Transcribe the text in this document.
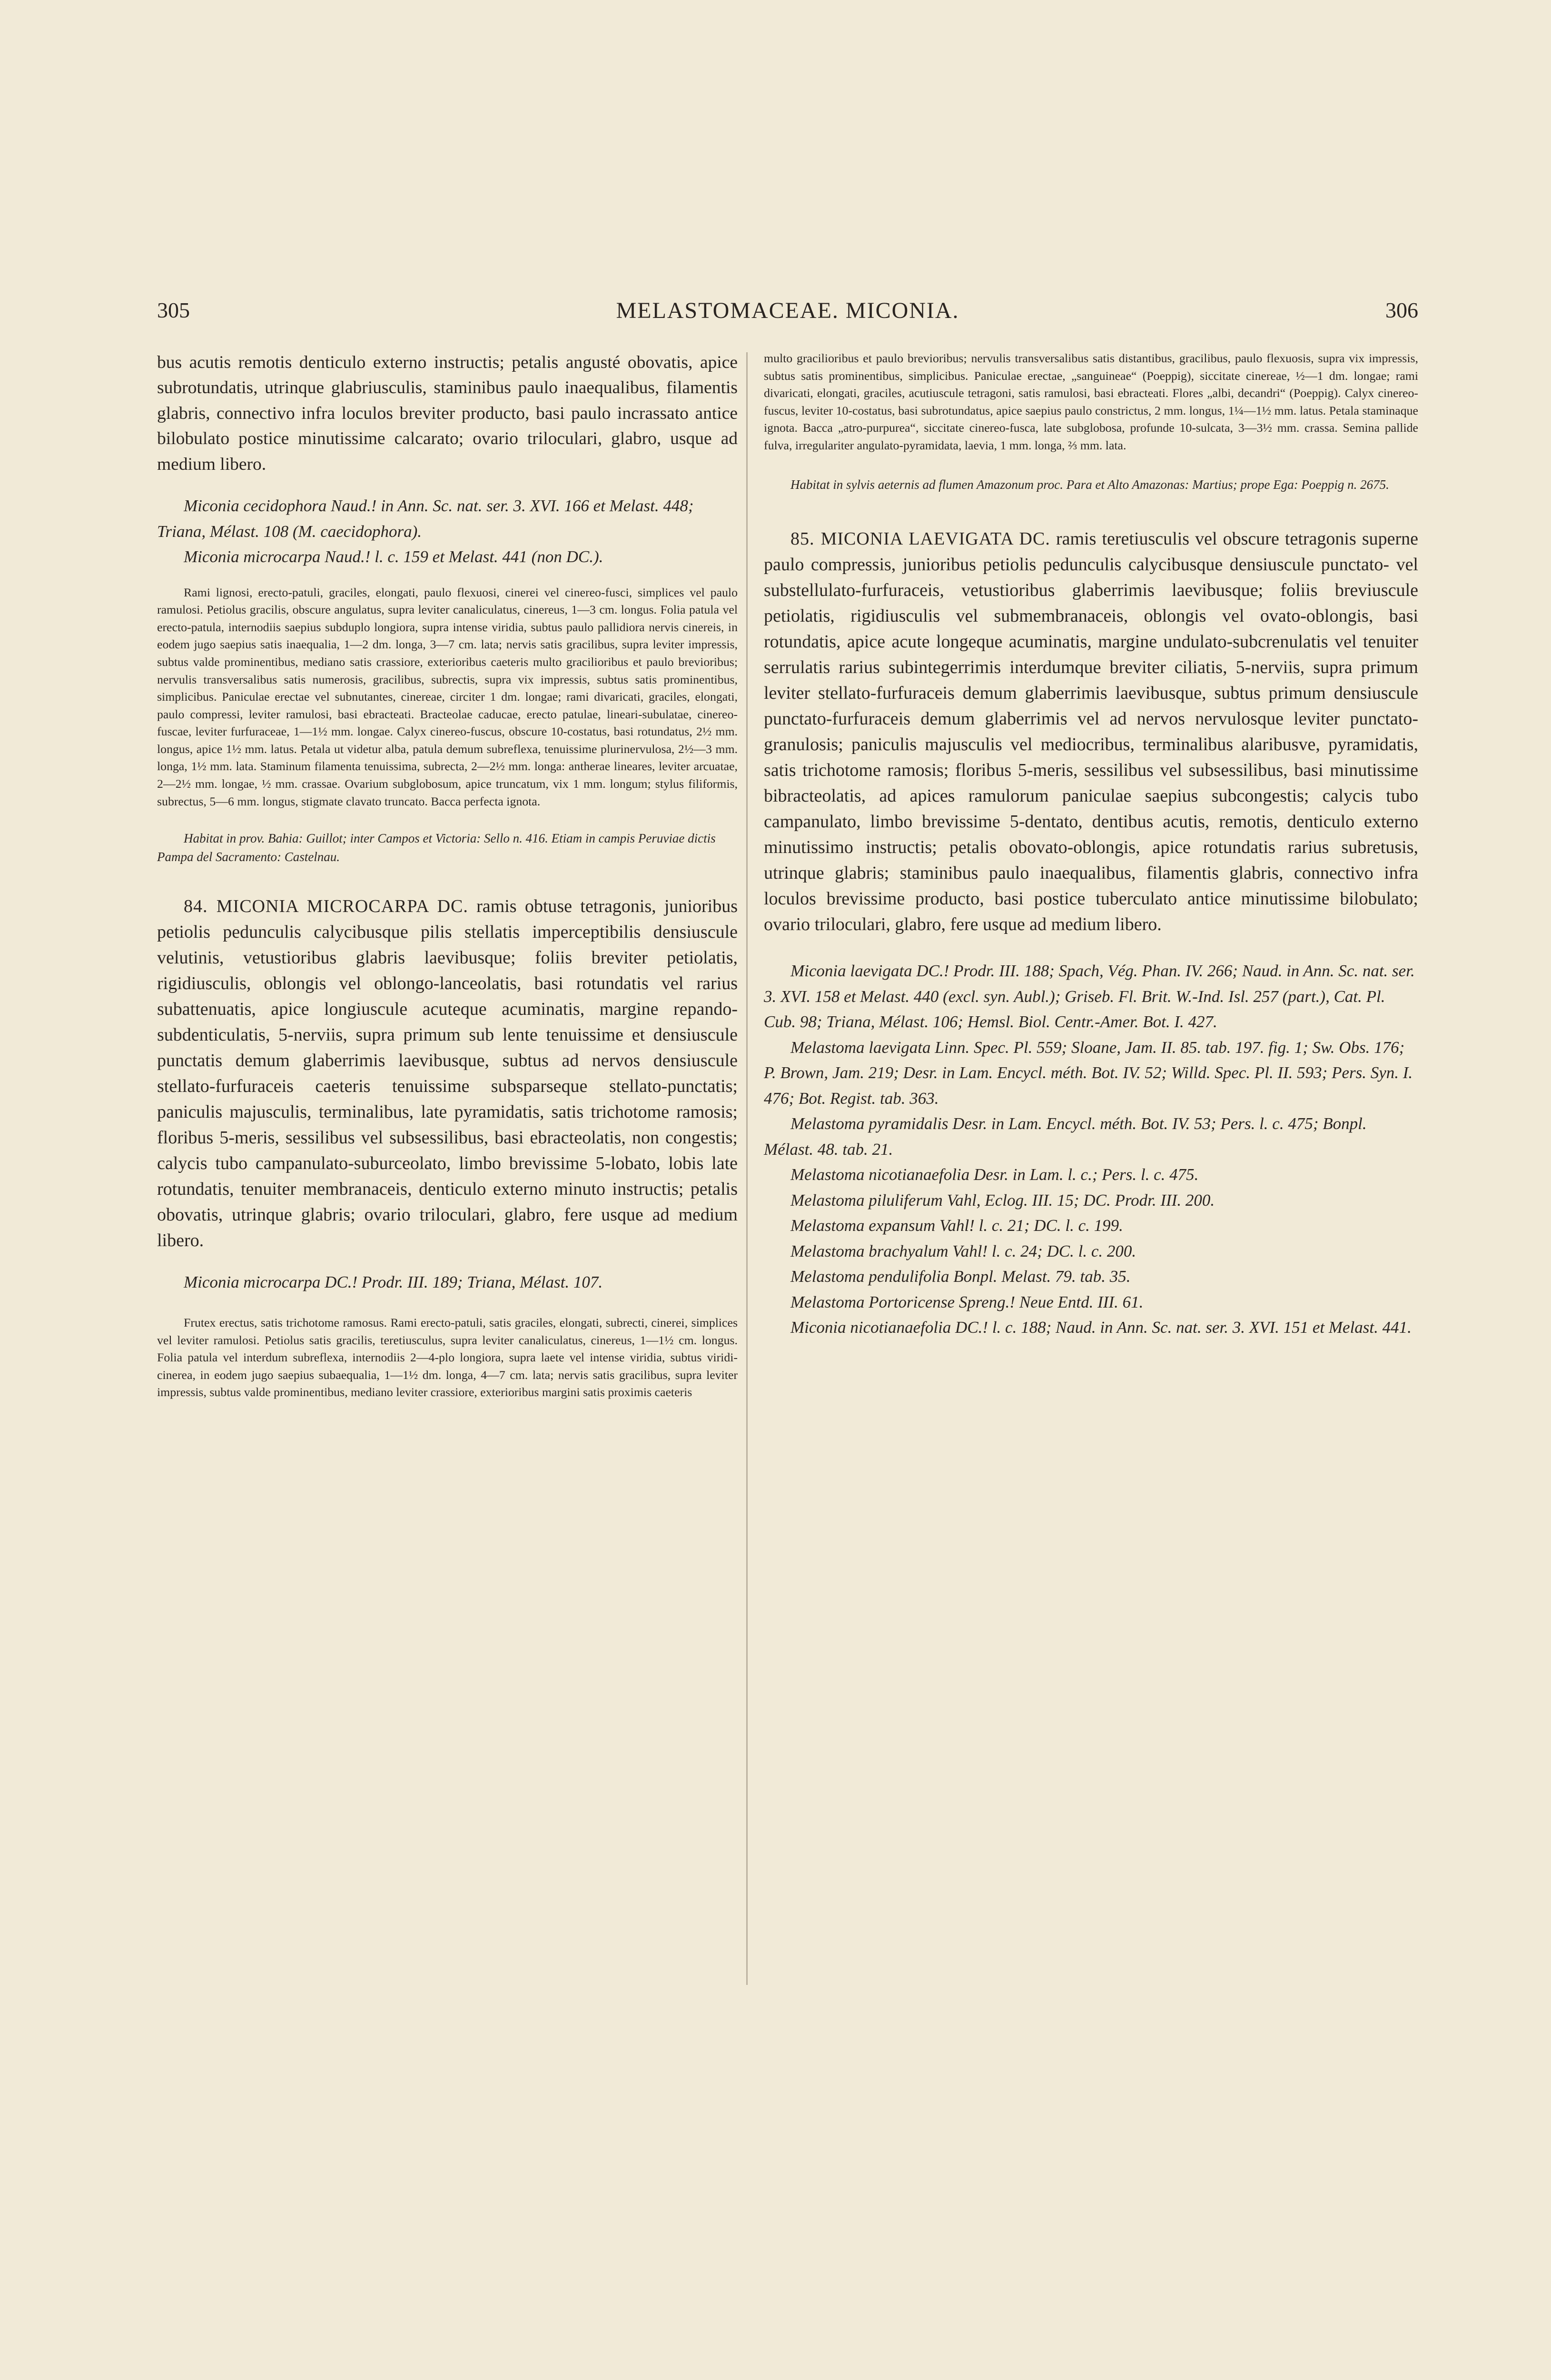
305	MELASTOMACEAE. MICONIA.	306

bus acutis remotis denticulo externo instructis; petalis angusté obovatis, apice subrotundatis, utrinque glabriusculis, staminibus paulo inaequalibus, filamentis glabris, connectivo infra loculos breviter producto, basi paulo incrassato antice bilobulato postice minutissime calcarato; ovario triloculari, glabro, usque ad medium libero.

Miconia cecidophora Naud.! in Ann. Sc. nat. ser. 3. XVI. 166 et Melast. 448; Triana, Mélast. 108 (M. caecidophora).

Miconia microcarpa Naud.! l. c. 159 et Melast. 441 (non DC.).

Rami lignosi, erecto-patuli, graciles, elongati, paulo flexuosi, cinerei vel cinereo-fusci, simplices vel paulo ramulosi. Petiolus gracilis, obscure angulatus, supra leviter canaliculatus, cinereus, 1—3 cm. longus. Folia patula vel erecto-patula, internodiis saepius subduplo longiora, supra intense viridia, subtus paulo pallidiora nervis cinereis, in eodem jugo saepius satis inaequalia, 1—2 dm. longa, 3—7 cm. lata; nervis satis gracilibus, supra leviter impressis, subtus valde prominentibus, mediano satis crassiore, exterioribus caeteris multo gracilioribus et paulo brevioribus; nervulis transversalibus satis numerosis, gracilibus, subrectis, supra vix impressis, subtus satis prominentibus, simplicibus. Paniculae erectae vel subnutantes, cinereae, circiter 1 dm. longae; rami divaricati, graciles, elongati, paulo compressi, leviter ramulosi, basi ebracteati. Bracteolae caducae, erecto patulae, lineari-subulatae, cinereo-fuscae, leviter furfuraceae, 1—1½ mm. longae. Calyx cinereo-fuscus, obscure 10-costatus, basi rotundatus, 2½ mm. longus, apice 1½ mm. latus. Petala ut videtur alba, patula demum subreflexa, tenuissime plurinervulosa, 2½—3 mm. longa, 1½ mm. lata. Staminum filamenta tenuissima, subrecta, 2—2½ mm. longa: antherae lineares, leviter arcuatae, 2—2½ mm. longae, ½ mm. crassae. Ovarium subglobosum, apice truncatum, vix 1 mm. longum; stylus filiformis, subrectus, 5—6 mm. longus, stigmate clavato truncato. Bacca perfecta ignota.

Habitat in prov. Bahia: Guillot; inter Campos et Victoria: Sello n. 416. Etiam in campis Peruviae dictis Pampa del Sacramento: Castelnau.

84. MICONIA MICROCARPA DC. ramis obtuse tetragonis, junioribus petiolis pedunculis calycibusque pilis stellatis imperceptibilis densiuscule velutinis, vetustioribus glabris laevibusque; foliis breviter petiolatis, rigidiusculis, oblongis vel oblongo-lanceolatis, basi rotundatis vel rarius subattenuatis, apice longiuscule acuteque acuminatis, margine repando-subdenticulatis, 5-nerviis, supra primum sub lente tenuissime et densiuscule punctatis demum glaberrimis laevibusque, subtus ad nervos densiuscule stellato-furfuraceis caeteris tenuissime subsparseque stellato-punctatis; paniculis majusculis, terminalibus, late pyramidatis, satis trichotome ramosis; floribus 5-meris, sessilibus vel subsessilibus, basi ebracteolatis, non congestis; calycis tubo campanulato-suburceolato, limbo brevissime 5-lobato, lobis late rotundatis, tenuiter membranaceis, denticulo externo minuto instructis; petalis obovatis, utrinque glabris; ovario triloculari, glabro, fere usque ad medium libero.

Miconia microcarpa DC.! Prodr. III. 189; Triana, Mélast. 107.

Frutex erectus, satis trichotome ramosus. Rami erecto-patuli, satis graciles, elongati, subrecti, cinerei, simplices vel leviter ramulosi. Petiolus satis gracilis, teretiusculus, supra leviter canaliculatus, cinereus, 1—1½ cm. longus. Folia patula vel interdum subreflexa, internodiis 2—4-plo longiora, supra laete vel intense viridia, subtus viridi-cinerea, in eodem jugo saepius subaequalia, 1—1½ dm. longa, 4—7 cm. lata; nervis satis gracilibus, supra leviter impressis, subtus valde prominentibus, mediano leviter crassiore, exterioribus margini satis proximis caeteris

multo gracilioribus et paulo brevioribus; nervulis transversalibus satis distantibus, gracilibus, paulo flexuosis, supra vix impressis, subtus satis prominentibus, simplicibus. Paniculae erectae, „sanguineae“ (Poeppig), siccitate cinereae, ½—1 dm. longae; rami divaricati, elongati, graciles, acutiuscule tetragoni, satis ramulosi, basi ebracteati. Flores „albi, decandri“ (Poeppig). Calyx cinereo-fuscus, leviter 10-costatus, basi subrotundatus, apice saepius paulo constrictus, 2 mm. longus, 1¼—1½ mm. latus. Petala staminaque ignota. Bacca „atro-purpurea“, siccitate cinereo-fusca, late subglobosa, profunde 10-sulcata, 3—3½ mm. crassa. Semina pallide fulva, irregulariter angulato-pyramidata, laevia, 1 mm. longa, ⅔ mm. lata.

Habitat in sylvis aeternis ad flumen Amazonum proc. Para et Alto Amazonas: Martius; prope Ega: Poeppig n. 2675.

85. MICONIA LAEVIGATA DC. ramis teretiusculis vel obscure tetragonis superne paulo compressis, junioribus petiolis pedunculis calycibusque densiuscule punctato- vel substellulato-furfuraceis, vetustioribus glaberrimis laevibusque; foliis breviuscule petiolatis, rigidiusculis vel submembranaceis, oblongis vel ovato-oblongis, basi rotundatis, apice acute longeque acuminatis, margine undulato-subcrenulatis vel tenuiter serrulatis rarius subintegerrimis interdumque breviter ciliatis, 5-nerviis, supra primum leviter stellato-furfuraceis demum glaberrimis laevibusque, subtus primum densiuscule punctato-furfuraceis demum glaberrimis vel ad nervos nervulosque leviter punctato-granulosis; paniculis majusculis vel mediocribus, terminalibus alaribusve, pyramidatis, satis trichotome ramosis; floribus 5-meris, sessilibus vel subsessilibus, basi minutissime bibracteolatis, ad apices ramulorum paniculae saepius subcongestis; calycis tubo campanulato, limbo brevissime 5-dentato, dentibus acutis, remotis, denticulo externo minutissimo instructis; petalis obovato-oblongis, apice rotundatis rarius subretusis, utrinque glabris; staminibus paulo inaequalibus, filamentis glabris, connectivo infra loculos brevissime producto, basi postice tuberculato antice minutissime bilobulato; ovario triloculari, glabro, fere usque ad medium libero.

Miconia laevigata DC.! Prodr. III. 188; Spach, Vég. Phan. IV. 266; Naud. in Ann. Sc. nat. ser. 3. XVI. 158 et Melast. 440 (excl. syn. Aubl.); Griseb. Fl. Brit. W.-Ind. Isl. 257 (part.), Cat. Pl. Cub. 98; Triana, Mélast. 106; Hemsl. Biol. Centr.-Amer. Bot. I. 427.

Melastoma laevigata Linn. Spec. Pl. 559; Sloane, Jam. II. 85. tab. 197. fig. 1; Sw. Obs. 176; P. Brown, Jam. 219; Desr. in Lam. Encycl. méth. Bot. IV. 52; Willd. Spec. Pl. II. 593; Pers. Syn. I. 476; Bot. Regist. tab. 363.

Melastoma pyramidalis Desr. in Lam. Encycl. méth. Bot. IV. 53; Pers. l. c. 475; Bonpl. Mélast. 48. tab. 21.

Melastoma nicotianaefolia Desr. in Lam. l. c.; Pers. l. c. 475.

Melastoma piluliferum Vahl, Eclog. III. 15; DC. Prodr. III. 200.

Melastoma expansum Vahl! l. c. 21; DC. l. c. 199.

Melastoma brachyalum Vahl! l. c. 24; DC. l. c. 200.

Melastoma pendulifolia Bonpl. Melast. 79. tab. 35.

Melastoma Portoricense Spreng.! Neue Entd. III. 61.

Miconia nicotianaefolia DC.! l. c. 188; Naud. in Ann. Sc. nat. ser. 3. XVI. 151 et Melast. 441.
